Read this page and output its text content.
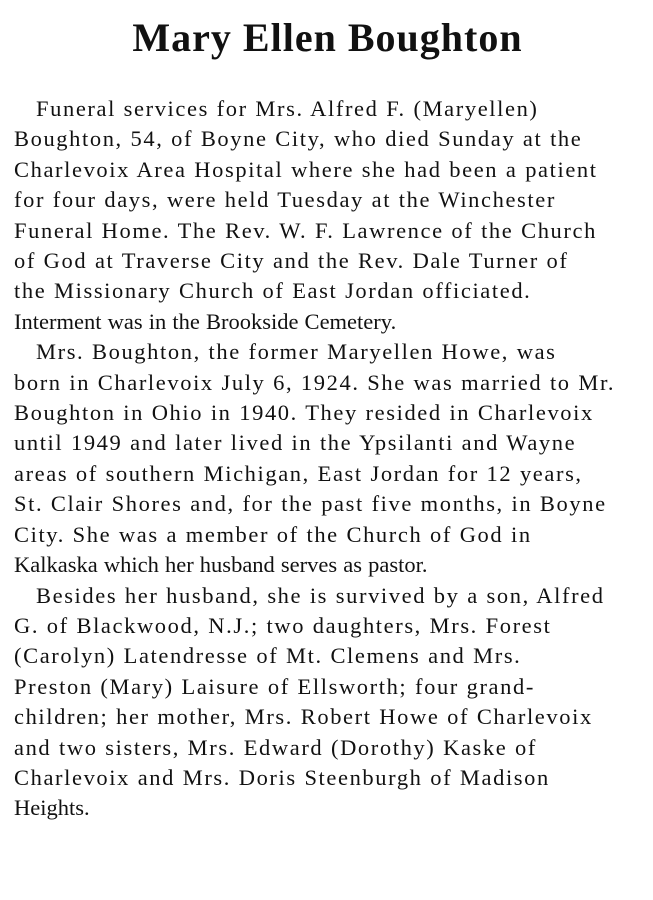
Mary Ellen Boughton

Funeral services for Mrs. Alfred F. (Maryellen)
Boughton, 54, of Boyne City, who died Sunday at the
Charlevoix Area Hospital where she had been a patient
for four days, were held Tuesday at the Winchester
Funeral Home. The Rev. W. F. Lawrence of the Church
of God at Traverse City and the Rev. Dale Turner of
the Missionary Church of East Jordan officiated.
Interment was in the Brookside Cemetery.

Mrs. Boughton, the former Maryellen Howe, was
born in Charlevoix July 6, 1924. She was married to Mr.
Boughton in Ohio in 1940. They resided in Charlevoix
until 1949 and later lived in the Ypsilanti and Wayne
areas of southern Michigan, East Jordan for 12 years,
St. Clair Shores and, for the past five months, in Boyne
City. She was a member of the Church of God in
Kalkaska which her husband serves as pastor.

Besides her husband, she is survived by a son, Alfred
G. of Blackwood, N.J.; two daughters, Mrs. Forest
(Carolyn) Latendresse of Mt. Clemens and Mrs.
Preston (Mary) Laisure of Ellsworth; four grand-
children; her mother, Mrs. Robert Howe of Charlevoix
and two sisters, Mrs. Edward (Dorothy) Kaske of
Charlevoix and Mrs. Doris Steenburgh of Madison
Heights.
